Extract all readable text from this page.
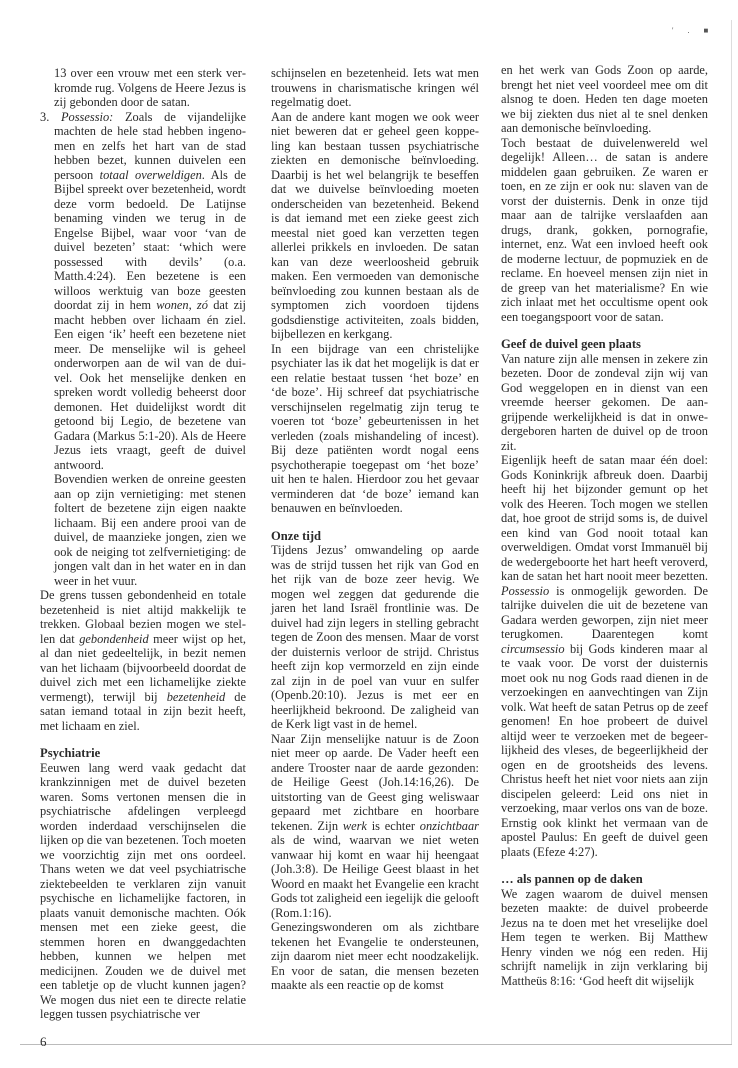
' . ■

13 over een vrouw met een sterk verkromde rug. Volgens de Heere Jezus is zij gebonden door de satan.

3. Possessio: Zoals de vijandelijke machten de hele stad hebben ingenomen en zelfs het hart van de stad hebben bezet, kunnen duivelen een persoon totaal overweldigen. Als de Bijbel spreekt over bezetenheid, wordt deze vorm bedoeld. De Latijnse benaming vinden we terug in de Engelse Bijbel, waar voor ‘van de duivel bezeten’ staat: ‘which were possessed with devils’ (o.a. Matth.4:24). Een bezetene is een willoos werktuig van boze geesten doordat zij in hem wonen, zó dat zij macht hebben over lichaam én ziel. Een eigen ‘ik’ heeft een bezetene niet meer. De menselijke wil is geheel onderworpen aan de wil van de duivel. Ook het menselijke denken en spreken wordt volledig beheerst door demonen. Het duidelijkst wordt dit getoond bij Legio, de bezetene van Gadara (Markus 5:1-20). Als de Heere Jezus iets vraagt, geeft de duivel antwoord.

Bovendien werken de onreine geesten aan op zijn vernietiging: met stenen foltert de bezetene zijn eigen naakte lichaam. Bij een andere prooi van de duivel, de maanzieke jongen, zien we ook de neiging tot zelfvernietiging: de jongen valt dan in het water en in dan weer in het vuur.

De grens tussen gebondenheid en totale bezetenheid is niet altijd makkelijk te trekken. Globaal bezien mogen we stellen dat gebondenheid meer wijst op het, al dan niet gedeeltelijk, in bezit nemen van het lichaam (bijvoorbeeld doordat de duivel zich met een lichamelijke ziekte vermengt), terwijl bij bezetenheid de satan iemand totaal in zijn bezit heeft, met lichaam en ziel.

Psychiatrie

Eeuwen lang werd vaak gedacht dat krankzinnigen met de duivel bezeten waren. Soms vertonen mensen die in psychiatrische afdelingen verpleegd worden inderdaad verschijnselen die lijken op die van bezetenen. Toch moeten we voorzichtig zijn met ons oordeel. Thans weten we dat veel psychiatrische ziektebeelden te verklaren zijn vanuit psychische en lichamelijke factoren, in plaats vanuit demonische machten. Oók mensen met een zieke geest, die stemmen horen en dwanggedachten hebben, kunnen we helpen met medicijnen. Zouden we de duivel met een tabletje op de vlucht kunnen jagen? We mogen dus niet een te directe relatie leggen tussen psychiatrische ver

6

schijnselen en bezetenheid. Iets wat men trouwens in charismatische kringen wél regelmatig doet.

Aan de andere kant mogen we ook weer niet beweren dat er geheel geen koppeling kan bestaan tussen psychiatrische ziekten en demonische beïnvloeding. Daarbij is het wel belangrijk te beseffen dat we duivelse beïnvloeding moeten onderscheiden van bezetenheid. Bekend is dat iemand met een zieke geest zich meestal niet goed kan verzetten tegen allerlei prikkels en invloeden. De satan kan van deze weerloosheid gebruik maken. Een vermoeden van demonische beïnvloeding zou kunnen bestaan als de symptomen zich voordoen tijdens godsdienstige activiteiten, zoals bidden, bijbellezen en kerkgang.

In een bijdrage van een christelijke psychiater las ik dat het mogelijk is dat er een relatie bestaat tussen ‘het boze’ en ‘de boze’. Hij schreef dat psychiatrische verschijnselen regelmatig zijn terug te voeren tot ‘boze’ gebeurtenissen in het verleden (zoals mishandeling of incest). Bij deze patiënten wordt nogal eens psychotherapie toegepast om ‘het boze’ uit hen te halen. Hierdoor zou het gevaar verminderen dat ‘de boze’ iemand kan benauwen en beïnvloeden.

Onze tijd

Tijdens Jezus’ omwandeling op aarde was de strijd tussen het rijk van God en het rijk van de boze zeer hevig. We mogen wel zeggen dat gedurende die jaren het land Israël frontlinie was. De duivel had zijn legers in stelling gebracht tegen de Zoon des mensen. Maar de vorst der duisternis verloor de strijd. Christus heeft zijn kop vermorzeld en zijn einde zal zijn in de poel van vuur en sulfer (Openb.20:10). Jezus is met eer en heerlijkheid bekroond. De zaligheid van de Kerk ligt vast in de hemel.

Naar Zijn menselijke natuur is de Zoon niet meer op aarde. De Vader heeft een andere Trooster naar de aarde gezonden: de Heilige Geest (Joh.14:16,26). De uitstorting van de Geest ging weliswaar gepaard met zichtbare en hoorbare tekenen. Zijn werk is echter onzichtbaar als de wind, waarvan we niet weten vanwaar hij komt en waar hij heengaat (Joh.3:8). De Heilige Geest blaast in het Woord en maakt het Evangelie een kracht Gods tot zaligheid een iegelijk die gelooft (Rom.1:16).

Genezingswonderen om als zichtbare tekenen het Evangelie te ondersteunen, zijn daarom niet meer echt noodzakelijk. En voor de satan, die mensen bezeten maakte als een reactie op de komst

en het werk van Gods Zoon op aarde, brengt het niet veel voordeel mee om dit alsnog te doen. Heden ten dage moeten we bij ziekten dus niet al te snel denken aan demonische beïnvloeding.

Toch bestaat de duivelenwereld wel degelijk! Alleen… de satan is andere middelen gaan gebruiken. Ze waren er toen, en ze zijn er ook nu: slaven van de vorst der duisternis. Denk in onze tijd maar aan de talrijke verslaafden aan drugs, drank, gokken, pornografie, internet, enz. Wat een invloed heeft ook de moderne lectuur, de popmuziek en de reclame. En hoeveel mensen zijn niet in de greep van het materialisme? En wie zich inlaat met het occultisme opent ook een toegangspoort voor de satan.

Geef de duivel geen plaats

Van nature zijn alle mensen in zekere zin bezeten. Door de zondeval zijn wij van God weggelopen en in dienst van een vreemde heerser gekomen. De aangrijpende werkelijkheid is dat in onwedergeboren harten de duivel op de troon zit.

Eigenlijk heeft de satan maar één doel: Gods Koninkrijk afbreuk doen. Daarbij heeft hij het bijzonder gemunt op het volk des Heeren. Toch mogen we stellen dat, hoe groot de strijd soms is, de duivel een kind van God nooit totaal kan overweldigen. Omdat vorst Immanuël bij de wedergeboorte het hart heeft veroverd, kan de satan het hart nooit meer bezetten. Possessio is onmogelijk geworden. De talrijke duivelen die uit de bezetene van Gadara werden geworpen, zijn niet meer terugkomen. Daarentegen komt circumsessio bij Gods kinderen maar al te vaak voor. De vorst der duisternis moet ook nu nog Gods raad dienen in de verzoekingen en aanvechtingen van Zijn volk. Wat heeft de satan Petrus op de zeef genomen! En hoe probeert de duivel altijd weer te verzoeken met de begeerlijkheid des vleses, de begeerlijkheid der ogen en de grootsheids des levens. Christus heeft het niet voor niets aan zijn discipelen geleerd: Leid ons niet in verzoeking, maar verlos ons van de boze. Ernstig ook klinkt het vermaan van de apostel Paulus: En geeft de duivel geen plaats (Efeze 4:27).

… als pannen op de daken

We zagen waarom de duivel mensen bezeten maakte: de duivel probeerde Jezus na te doen met het vreselijke doel Hem tegen te werken. Bij Matthew Henry vinden we nóg een reden. Hij schrijft namelijk in zijn verklaring bij Mattheüs 8:16: ‘God heeft dit wijselijk
